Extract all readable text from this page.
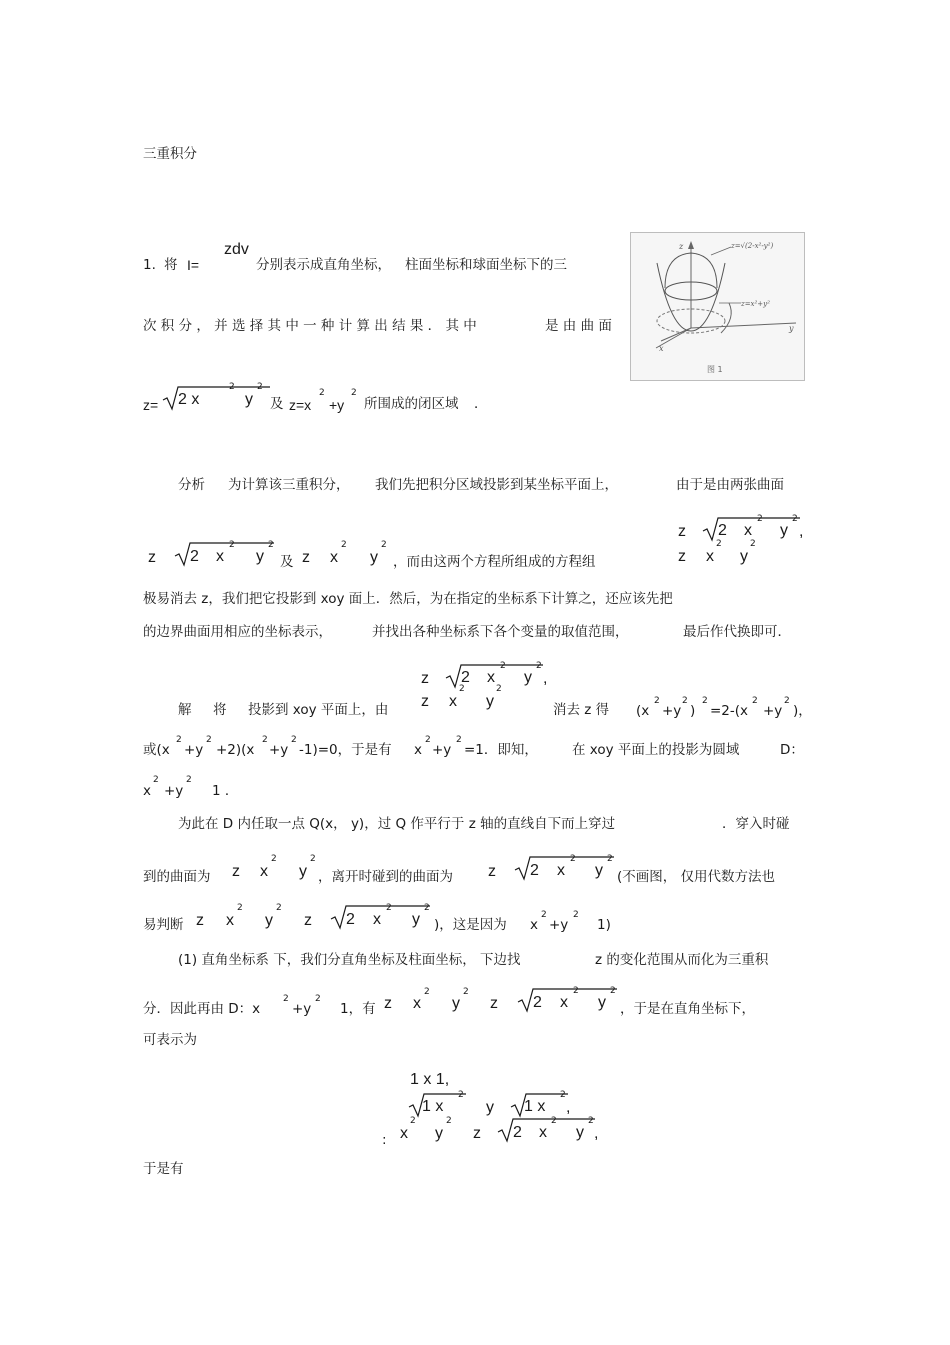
三重积分
1. 将 I=
zdv
分别表示成直角坐标， 柱面坐标和球面坐标下的三
次 积 分 ， 并 选 择 其 中 一 种 计 算 出 结 果 ． 其 中	是 由 曲 面
z= 2 x
2
y
2
及 z=x
2
+y
2
所围成的闭区域 ．
z
y
x
z=√(2-x²-y²)
z=x²+y²
图 1
分析 为计算该三重积分， 我们先把积分区域投影到某坐标平面上，	由于是由两张曲面
z 2 x
2
y
2
,
z x
2
y
2
z 2 x
2
y
2
及 z x
2
y
2
，而由这两个方程所组成的方程组
极易消去 z，我们把它投影到 xoy 面上．然后，为在指定的坐标系下计算之，还应该先把
的边界曲面用相应的坐标表示，	并找出各种坐标系下各个变量的取值范围，	最后作代换即可．
z 2 x
2
y
2
,
z x
2
y
2
解 将 投影到 xoy 平面上，由	消去 z 得 (x
2
+y
2
)
2
=2-(x
2
+y
2
)，
或(x
2
+y
2
+2)(x
2
+y
2
-1)=0，于是有 x
2
+y
2
=1．即知，	在 xoy 平面上的投影为圆域	D：
x
2
+y
2
1 ．
为此在 D 内任取一点 Q(x， y)，过 Q 作平行于 z 轴的直线自下而上穿过	．穿入时碰
到的曲面为 z x
2
y
2
，离开时碰到的曲面为 z 2 x
2
y
2
(不画图， 仅用代数方法也
易判断 z x
2
y
2
z 2 x
2
y
2
)，这是因为 x
2
+y
2
1)
(1) 直角坐标系 下，我们分直角坐标及柱面坐标， 下边找	z 的变化范围从而化为三重积
分．因此再由 D：x
2
+y
2
1，有 z x
2
y
2
z 2 x
2
y
2
，于是在直角坐标下，
可表示为
1 x 1,
1 x
2
y 1 x
2
,
: x
2
y
2
z 2 x
2
y
2
,
于是有
